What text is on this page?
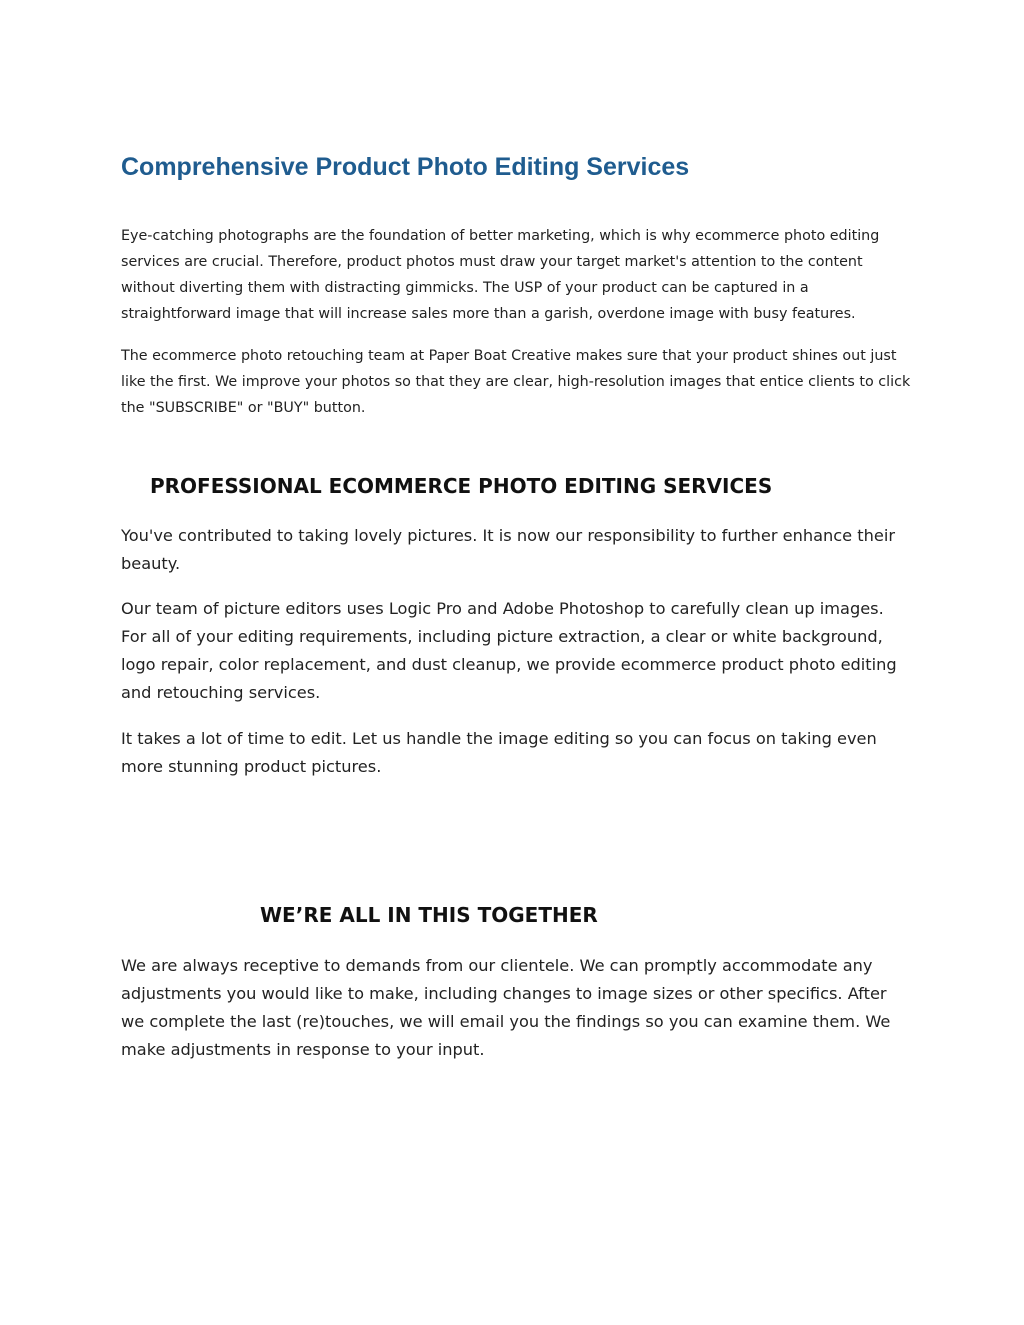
Comprehensive Product Photo Editing Services

Eye-catching photographs are the foundation of better marketing, which is why ecommerce photo editing services are crucial. Therefore, product photos must draw your target market's attention to the content without diverting them with distracting gimmicks. The USP of your product can be captured in a straightforward image that will increase sales more than a garish, overdone image with busy features.

The ecommerce photo retouching team at Paper Boat Creative makes sure that your product shines out just like the first. We improve your photos so that they are clear, high-resolution images that entice clients to click the "SUBSCRIBE" or "BUY" button.

PROFESSIONAL ECOMMERCE PHOTO EDITING SERVICES

You've contributed to taking lovely pictures. It is now our responsibility to further enhance their beauty.

Our team of picture editors uses Logic Pro and Adobe Photoshop to carefully clean up images. For all of your editing requirements, including picture extraction, a clear or white background, logo repair, color replacement, and dust cleanup, we provide ecommerce product photo editing and retouching services.

It takes a lot of time to edit. Let us handle the image editing so you can focus on taking even more stunning product pictures.

WE’RE ALL IN THIS TOGETHER

We are always receptive to demands from our clientele. We can promptly accommodate any adjustments you would like to make, including changes to image sizes or other specifics. After we complete the last (re)touches, we will email you the findings so you can examine them. We make adjustments in response to your input.
